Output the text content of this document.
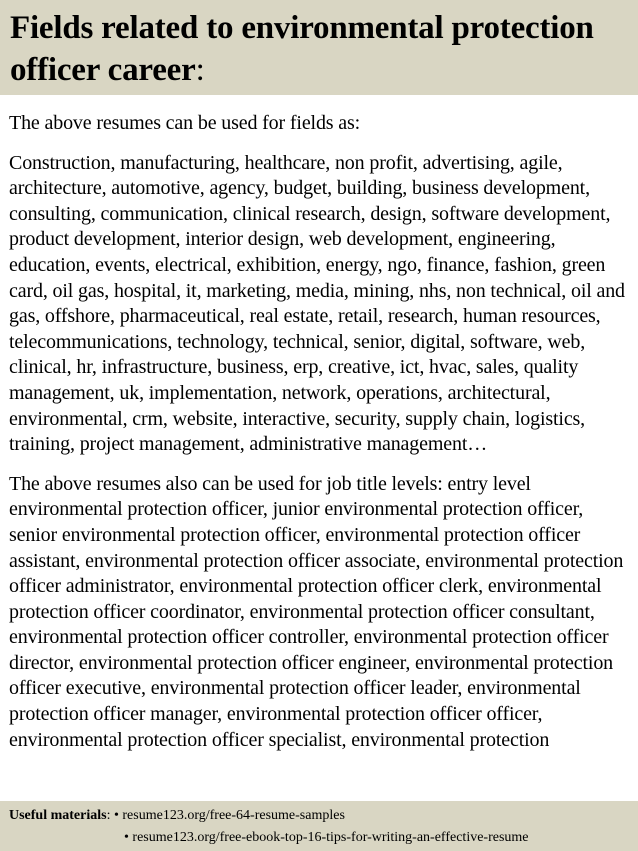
Fields related to environmental protection officer career:

The above resumes can be used for fields as:

Construction, manufacturing, healthcare, non profit, advertising, agile, architecture, automotive, agency, budget, building, business development, consulting, communication, clinical research, design, software development, product development, interior design, web development, engineering, education, events, electrical, exhibition, energy, ngo, finance, fashion, green card, oil gas, hospital, it, marketing, media, mining, nhs, non technical, oil and gas, offshore, pharmaceutical, real estate, retail, research, human resources, telecommunications, technology, technical, senior, digital, software, web, clinical, hr, infrastructure, business, erp, creative, ict, hvac, sales, quality management, uk, implementation, network, operations, architectural, environmental, crm, website, interactive, security, supply chain, logistics, training, project management, administrative management…

The above resumes also can be used for job title levels: entry level environmental protection officer, junior environmental protection officer, senior environmental protection officer, environmental protection officer assistant, environmental protection officer associate, environmental protection officer administrator, environmental protection officer clerk, environmental protection officer coordinator, environmental protection officer consultant, environmental protection officer controller, environmental protection officer director, environmental protection officer engineer, environmental protection officer executive, environmental protection officer leader, environmental protection officer manager, environmental protection officer officer, environmental protection officer specialist, environmental protection

Useful materials: • resume123.org/free-64-resume-samples
• resume123.org/free-ebook-top-16-tips-for-writing-an-effective-resume
